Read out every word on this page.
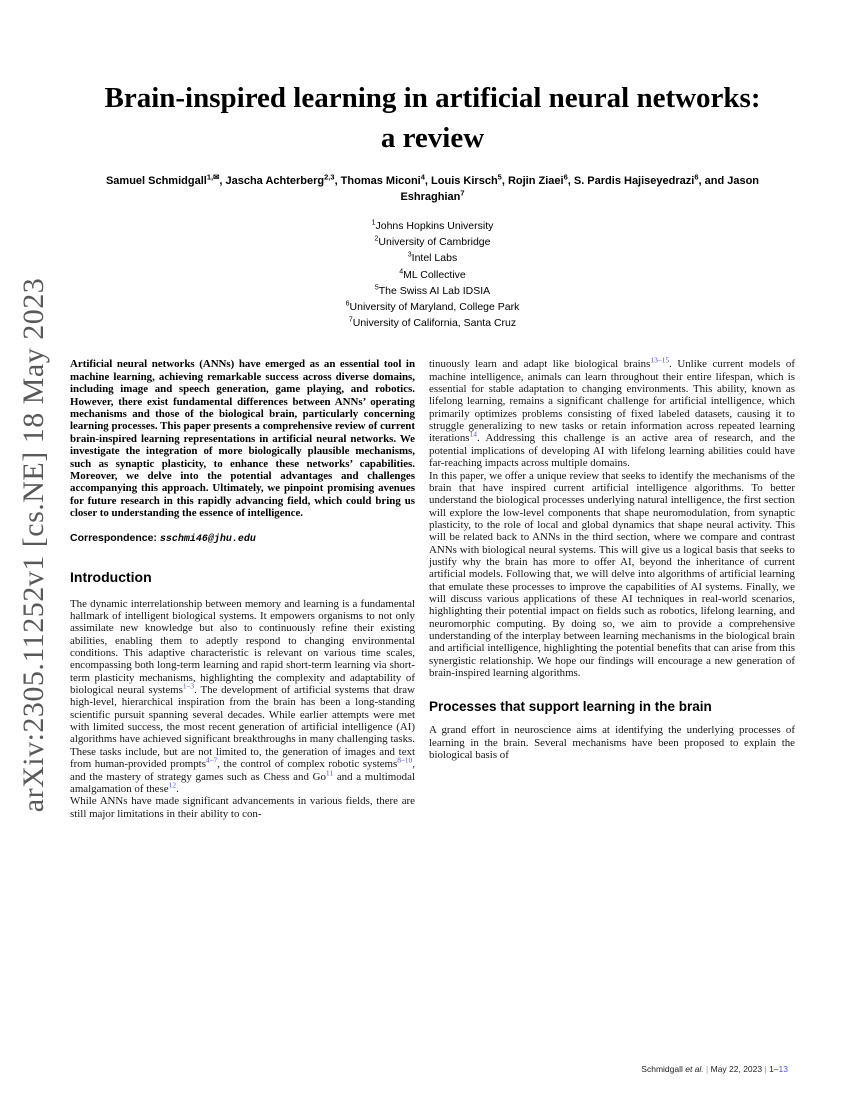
arXiv:2305.11252v1 [cs.NE] 18 May 2023
Brain-inspired learning in artificial neural networks: a review
Samuel Schmidgall$^{1,✉}$, Jascha Achterberg$^{2,3}$, Thomas Miconi$^4$, Louis Kirsch$^5$, Rojin Ziaei$^6$, S. Pardis Hajiseyedrazi$^6$, and Jason Eshraghian$^7$
$^1$Johns Hopkins University
$^2$University of Cambridge
$^3$Intel Labs
$^4$ML Collective
$^5$The Swiss AI Lab IDSIA
$^6$University of Maryland, College Park
$^7$University of California, Santa Cruz
Artificial neural networks (ANNs) have emerged as an essential tool in machine learning, achieving remarkable success across diverse domains, including image and speech generation, game playing, and robotics. However, there exist fundamental differences between ANNs’ operating mechanisms and those of the biological brain, particularly concerning learning processes. This paper presents a comprehensive review of current brain-inspired learning representations in artificial neural networks. We investigate the integration of more biologically plausible mechanisms, such as synaptic plasticity, to enhance these networks’ capabilities. Moreover, we delve into the potential advantages and challenges accompanying this approach. Ultimately, we pinpoint promising avenues for future research in this rapidly advancing field, which could bring us closer to understanding the essence of intelligence.
Correspondence: sschmi46@jhu.edu
Introduction

The dynamic interrelationship between memory and learning is a fundamental hallmark of intelligent biological systems. It empowers organisms to not only assimilate new knowledge but also to continuously refine their existing abilities, enabling them to adeptly respond to changing environmental conditions. This adaptive characteristic is relevant on various time scales, encompassing both long-term learning and rapid short-term learning via short-term plasticity mechanisms, highlighting the complexity and adaptability of biological neural systems$^{1-3}$. The development of artificial systems that draw high-level, hierarchical inspiration from the brain has been a long-standing scientific pursuit spanning several decades. While earlier attempts were met with limited success, the most recent generation of artificial intelligence (AI) algorithms have achieved significant breakthroughs in many challenging tasks. These tasks include, but are not limited to, the generation of images and text from human-provided prompts$^{4-7}$, the control of complex robotic systems$^{8-10}$, and the mastery of strategy games such as Chess and Go$^{11}$ and a multimodal amalgamation of these$^{12}$.

While ANNs have made significant advancements in various fields, there are still major limitations in their ability to con-

tinuously learn and adapt like biological brains$^{13-15}$. Unlike current models of machine intelligence, animals can learn throughout their entire lifespan, which is essential for stable adaptation to changing environments. This ability, known as lifelong learning, remains a significant challenge for artificial intelligence, which primarily optimizes problems consisting of fixed labeled datasets, causing it to struggle generalizing to new tasks or retain information across repeated learning iterations$^{14}$. Addressing this challenge is an active area of research, and the potential implications of developing AI with lifelong learning abilities could have far-reaching impacts across multiple domains.

In this paper, we offer a unique review that seeks to identify the mechanisms of the brain that have inspired current artificial intelligence algorithms. To better understand the biological processes underlying natural intelligence, the first section will explore the low-level components that shape neuromodulation, from synaptic plasticity, to the role of local and global dynamics that shape neural activity. This will be related back to ANNs in the third section, where we compare and contrast ANNs with biological neural systems. This will give us a logical basis that seeks to justify why the brain has more to offer AI, beyond the inheritance of current artificial models. Following that, we will delve into algorithms of artificial learning that emulate these processes to improve the capabilities of AI systems. Finally, we will discuss various applications of these AI techniques in real-world scenarios, highlighting their potential impact on fields such as robotics, lifelong learning, and neuromorphic computing. By doing so, we aim to provide a comprehensive understanding of the interplay between learning mechanisms in the biological brain and artificial intelligence, highlighting the potential benefits that can arise from this synergistic relationship. We hope our findings will encourage a new generation of brain-inspired learning algorithms.

Processes that support learning in the brain

A grand effort in neuroscience aims at identifying the underlying processes of learning in the brain. Several mechanisms have been proposed to explain the biological basis of

Schmidgall et al. | May 22, 2023 | 1–13
